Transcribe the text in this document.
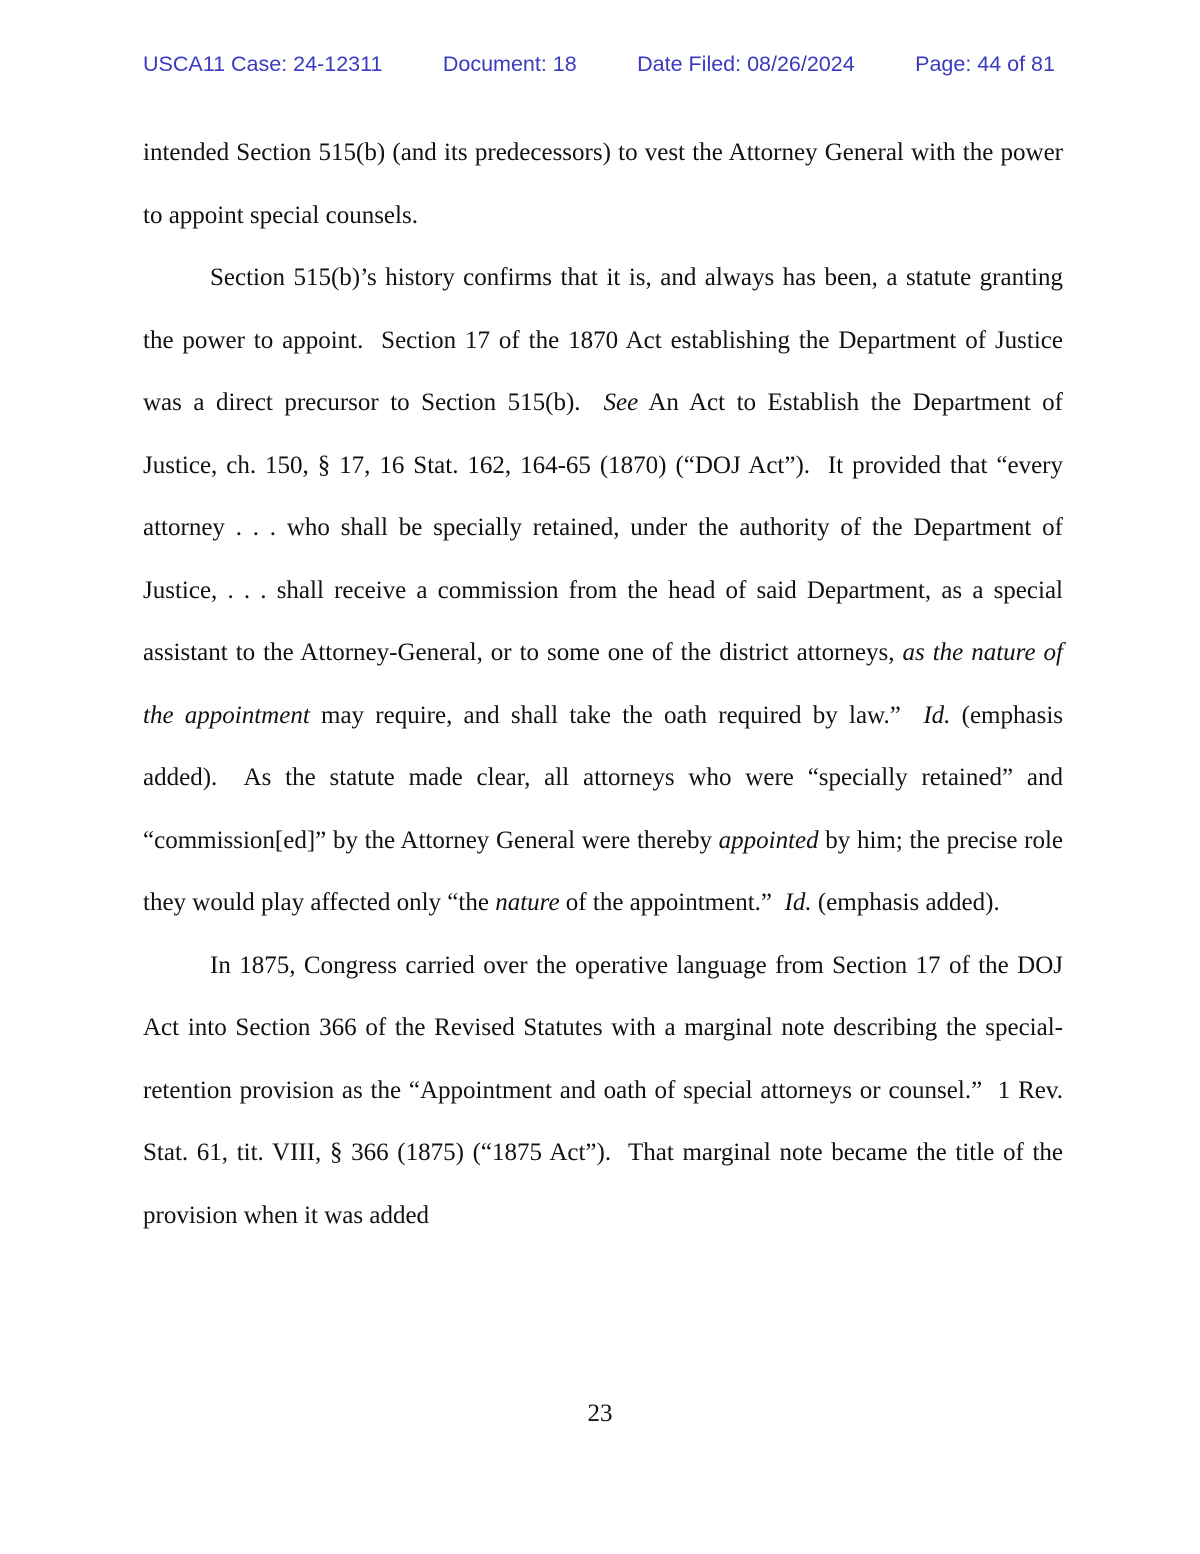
USCA11 Case: 24-12311	Document: 18	Date Filed: 08/26/2024	Page: 44 of 81

intended Section 515(b) (and its predecessors) to vest the Attorney General with the power to appoint special counsels.

Section 515(b)’s history confirms that it is, and always has been, a statute granting the power to appoint.  Section 17 of the 1870 Act establishing the Department of Justice was a direct precursor to Section 515(b).  See An Act to Establish the Department of Justice, ch. 150, § 17, 16 Stat. 162, 164-65 (1870) (“DOJ Act”).  It provided that “every attorney . . . who shall be specially retained, under the authority of the Department of Justice, . . . shall receive a commission from the head of said Department, as a special assistant to the Attorney-General, or to some one of the district attorneys, as the nature of the appointment may require, and shall take the oath required by law.”  Id. (emphasis added).  As the statute made clear, all attorneys who were “specially retained” and “commission[ed]” by the Attorney General were thereby appointed by him; the precise role they would play affected only “the nature of the appointment.”  Id. (emphasis added).

In 1875, Congress carried over the operative language from Section 17 of the DOJ Act into Section 366 of the Revised Statutes with a marginal note describing the special-retention provision as the “Appointment and oath of special attorneys or counsel.”  1 Rev. Stat. 61, tit. VIII, § 366 (1875) (“1875 Act”).  That marginal note became the title of the provision when it was added

23
